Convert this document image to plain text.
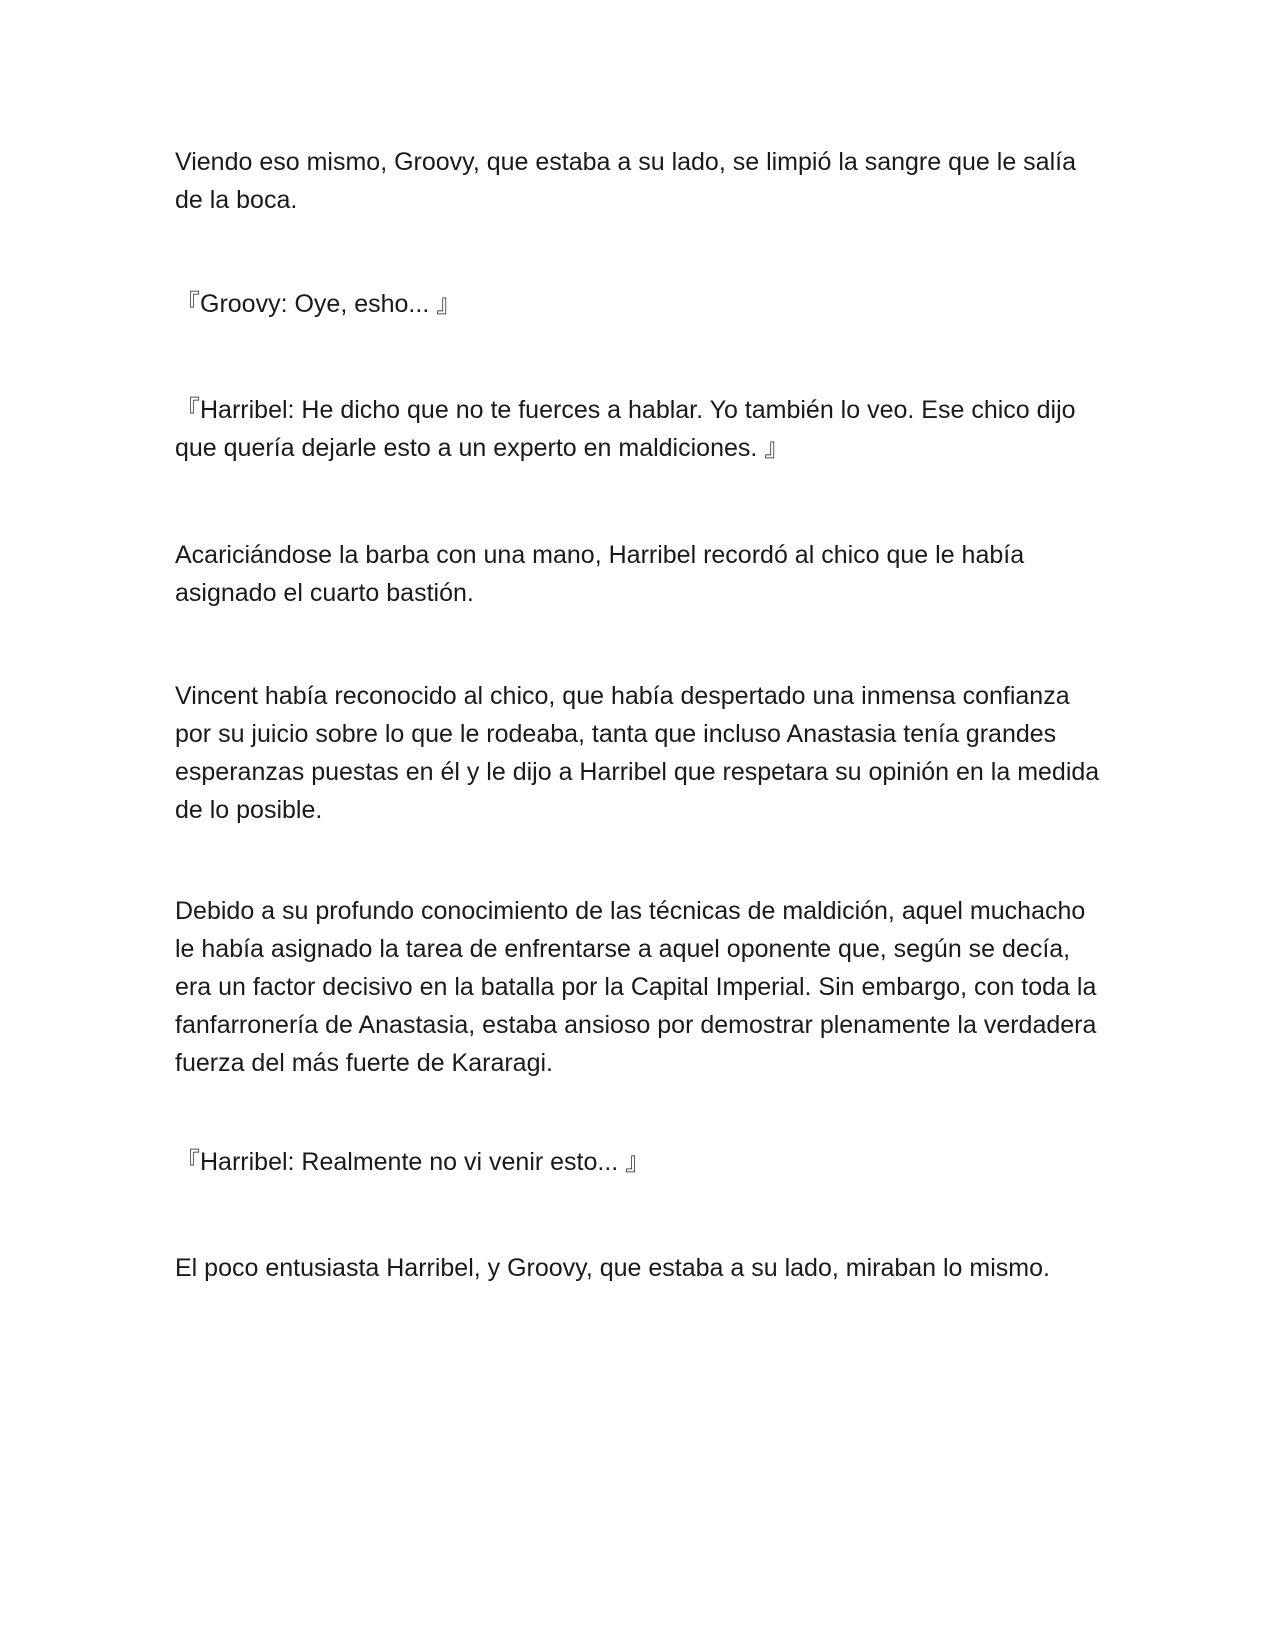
Viendo eso mismo, Groovy, que estaba a su lado, se limpió la sangre que le salía de la boca.

『Groovy: Oye, esho... 』

『Harribel: He dicho que no te fuerces a hablar. Yo también lo veo. Ese chico dijo que quería dejarle esto a un experto en maldiciones. 』

Acariciándose la barba con una mano, Harribel recordó al chico que le había asignado el cuarto bastión.

Vincent había reconocido al chico, que había despertado una inmensa confianza por su juicio sobre lo que le rodeaba, tanta que incluso Anastasia tenía grandes esperanzas puestas en él y le dijo a Harribel que respetara su opinión en la medida de lo posible.

Debido a su profundo conocimiento de las técnicas de maldición, aquel muchacho le había asignado la tarea de enfrentarse a aquel oponente que, según se decía, era un factor decisivo en la batalla por la Capital Imperial. Sin embargo, con toda la fanfarronería de Anastasia, estaba ansioso por demostrar plenamente la verdadera fuerza del más fuerte de Kararagi.

『Harribel: Realmente no vi venir esto... 』

El poco entusiasta Harribel, y Groovy, que estaba a su lado, miraban lo mismo.
